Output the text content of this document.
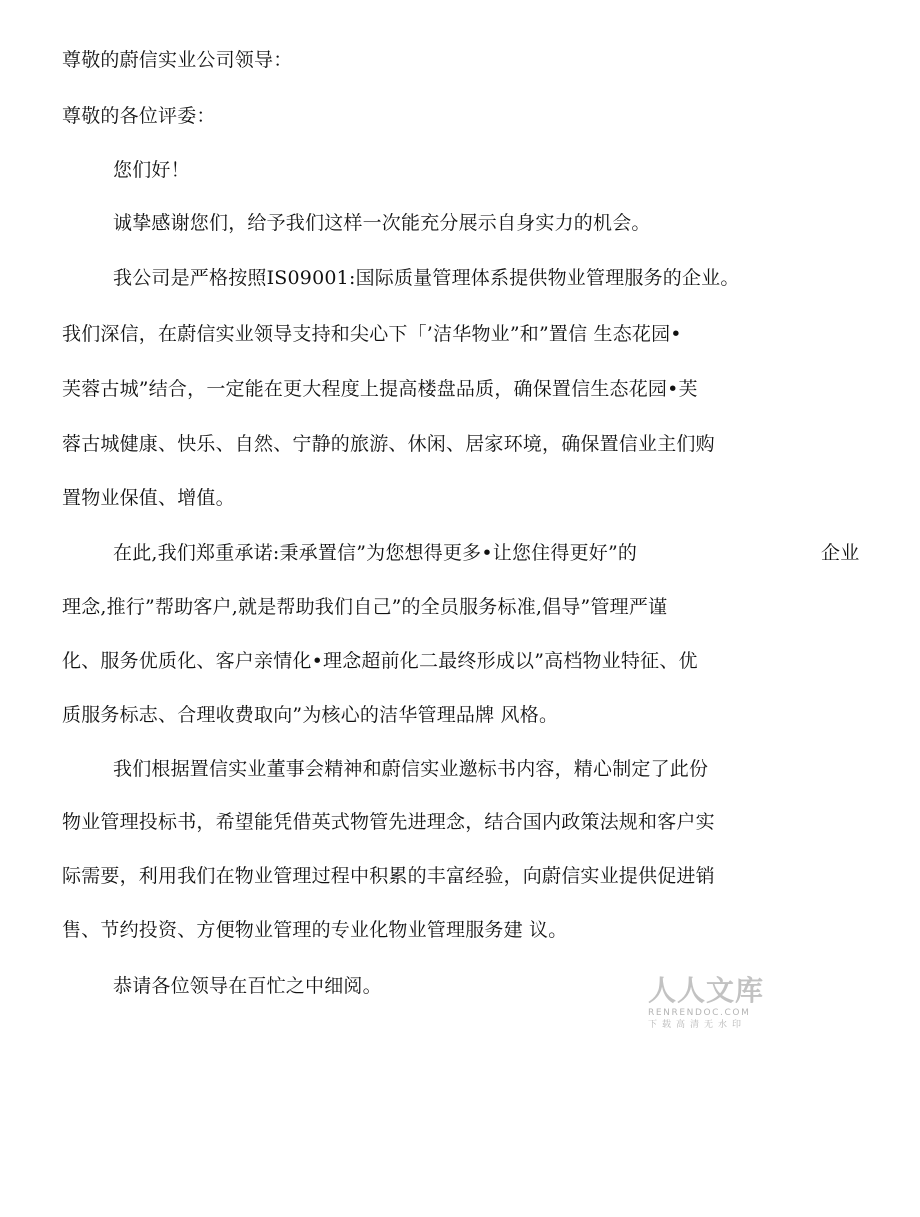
尊敬的蔚信实业公司领导：
尊敬的各位评委：
您们好！
诚挚感谢您们，给予我们这样一次能充分展示自身实力的机会。
我公司是严格按照IS09001:国际质量管理体系提供物业管理服务的企业。
我们深信，在蔚信实业领导支持和尖心下「’洁华物业”和”置信 生态花园•
芙蓉古城”结合，一定能在更大程度上提高楼盘品质，确保置信生态花园•芙
蓉古城健康、快乐、自然、宁静的旅游、休闲、居家环境，确保置信业主们购
置物业保值、增值。
在此,我们郑重承诺:秉承置信”为您想得更多•让您住得更好”的	企业
理念,推行”帮助客户,就是帮助我们自己”的全员服务标准,倡导”管理严谨
化、服务优质化、客户亲情化•理念超前化二最终形成以”高档物业特征、优
质服务标志、合理收费取向”为核心的洁华管理品牌 风格。
我们根据置信实业董事会精神和蔚信实业邀标书内容，精心制定了此份
物业管理投标书，希望能凭借英式物管先进理念，结合国内政策法规和客户实
际需要，利用我们在物业管理过程中积累的丰富经验，向蔚信实业提供促进销
售、节约投资、方便物业管理的专业化物业管理服务建 议。
恭请各位领导在百忙之中细阅。	人人文库
RENRENDOC.COM
下载高清无水印
